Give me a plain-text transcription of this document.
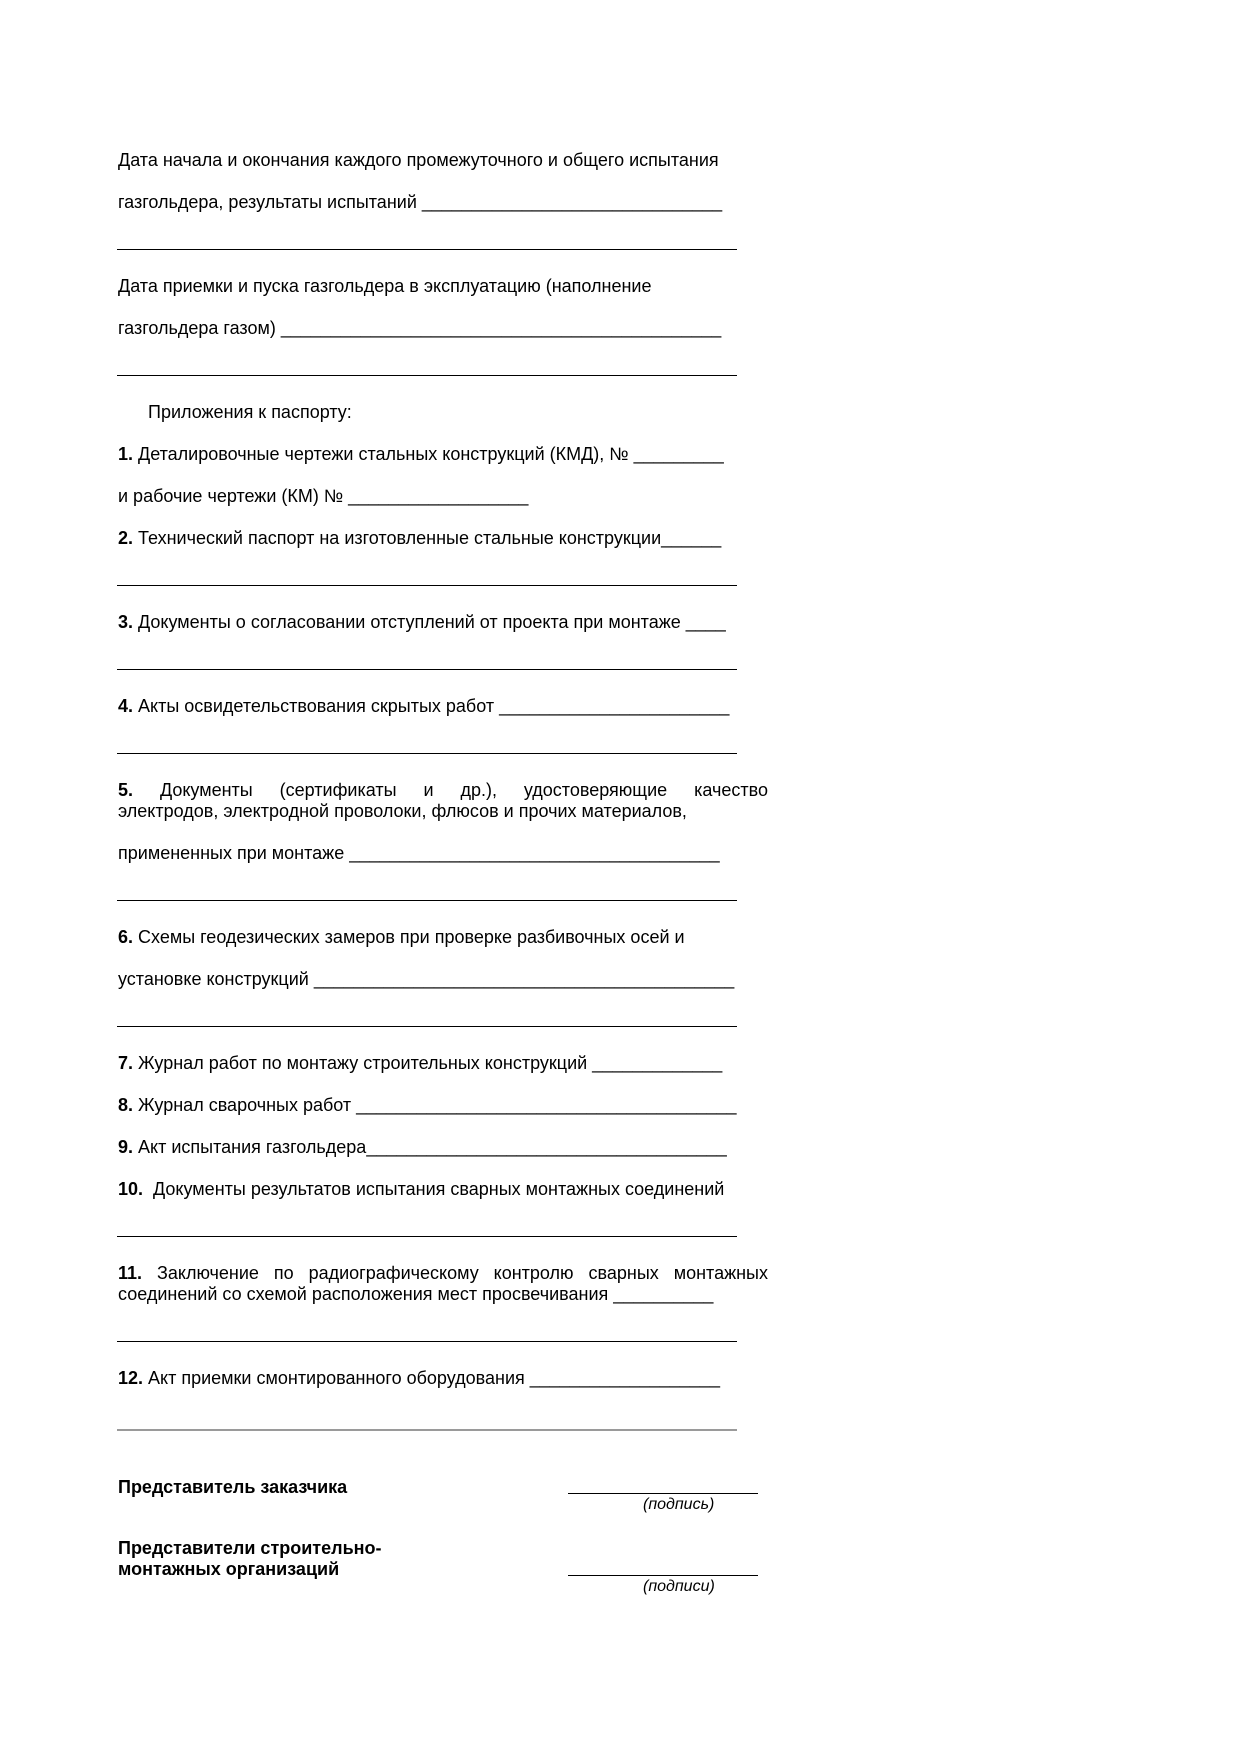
Дата начала и окончания каждого промежуточного и общего испытания
газгольдера, результаты испытаний ______________________________
Дата приемки и пуска газгольдера в эксплуатацию (наполнение
газгольдера газом) ____________________________________________
Приложения к паспорту:
1. Деталировочные чертежи стальных конструкций (КМД), № _________
и рабочие чертежи (КМ) № __________________
2. Технический паспорт на изготовленные стальные конструкции______
3. Документы о согласовании отступлений от проекта при монтаже ____
4. Акты освидетельствования скрытых работ _______________________
5. Документы (сертификаты и др.), удостоверяющие качество
электродов, электродной проволоки, флюсов и прочих материалов,
примененных при монтаже _____________________________________
6. Схемы геодезических замеров при проверке разбивочных осей и
установке конструкций __________________________________________
7. Журнал работ по монтажу строительных конструкций _____________
8. Журнал сварочных работ ______________________________________
9. Акт испытания газгольдера____________________________________
10.  Документы результатов испытания сварных монтажных соединений
11. Заключение по радиографическому контролю сварных монтажных
соединений со схемой расположения мест просвечивания __________
12. Акт приемки смонтированного оборудования ___________________
Представитель заказчика
(подпись)
Представители строительно-
монтажных организаций
(подписи)
